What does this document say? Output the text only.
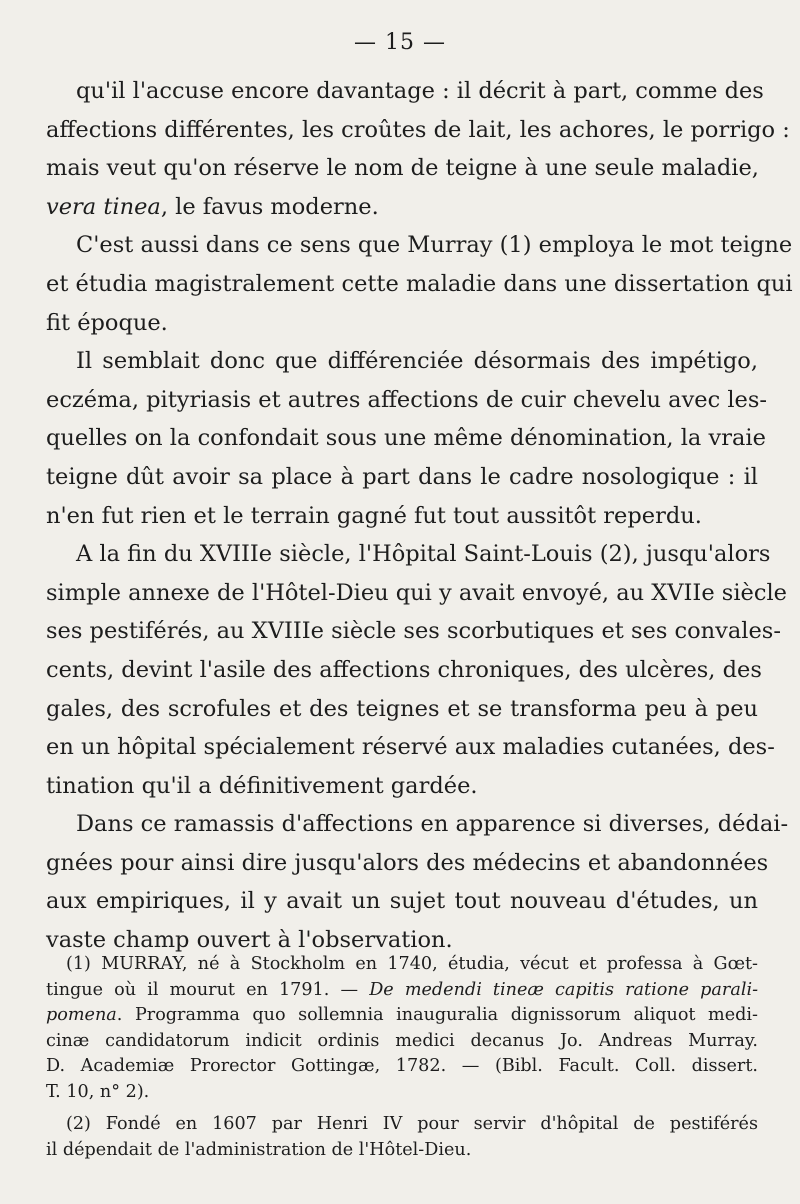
— 15 —
qu'il l'accuse encore davantage : il décrit à part, comme des
affections différentes, les croûtes de lait, les achores, le porrigo :
mais veut qu'on réserve le nom de teigne à une seule maladie,
vera tinea, le favus moderne.
C'est aussi dans ce sens que Murray (1) employa le mot teigne
et étudia magistralement cette maladie dans une dissertation qui
fit époque.
Il semblait donc que différenciée désormais des impétigo,
eczéma, pityriasis et autres affections de cuir chevelu avec les-
quelles on la confondait sous une même dénomination, la vraie
teigne dût avoir sa place à part dans le cadre nosologique : il
n'en fut rien et le terrain gagné fut tout aussitôt reperdu.
A la fin du XVIIIe siècle, l'Hôpital Saint-Louis (2), jusqu'alors
simple annexe de l'Hôtel-Dieu qui y avait envoyé, au XVIIe siècle
ses pestiférés, au XVIIIe siècle ses scorbutiques et ses convales-
cents, devint l'asile des affections chroniques, des ulcères, des
gales, des scrofules et des teignes et se transforma peu à peu
en un hôpital spécialement réservé aux maladies cutanées, des-
tination qu'il a définitivement gardée.
Dans ce ramassis d'affections en apparence si diverses, dédai-
gnées pour ainsi dire jusqu'alors des médecins et abandonnées
aux empiriques, il y avait un sujet tout nouveau d'études, un
vaste champ ouvert à l'observation.
(1) MURRAY, né à Stockholm en 1740, étudia, vécut et professa à Gœt-
tingue où il mourut en 1791. — De medendi tineæ capitis ratione parali-
pomena. Programma quo sollemnia inauguralia dignissorum aliquot medi-
cinæ candidatorum indicit ordinis medici decanus Jo. Andreas Murray.
D. Academiæ Prorector Gottingæ, 1782. — (Bibl. Facult. Coll. dissert.
T. 10, n° 2).
(2) Fondé en 1607 par Henri IV pour servir d'hôpital de pestiférés
il dépendait de l'administration de l'Hôtel-Dieu.
